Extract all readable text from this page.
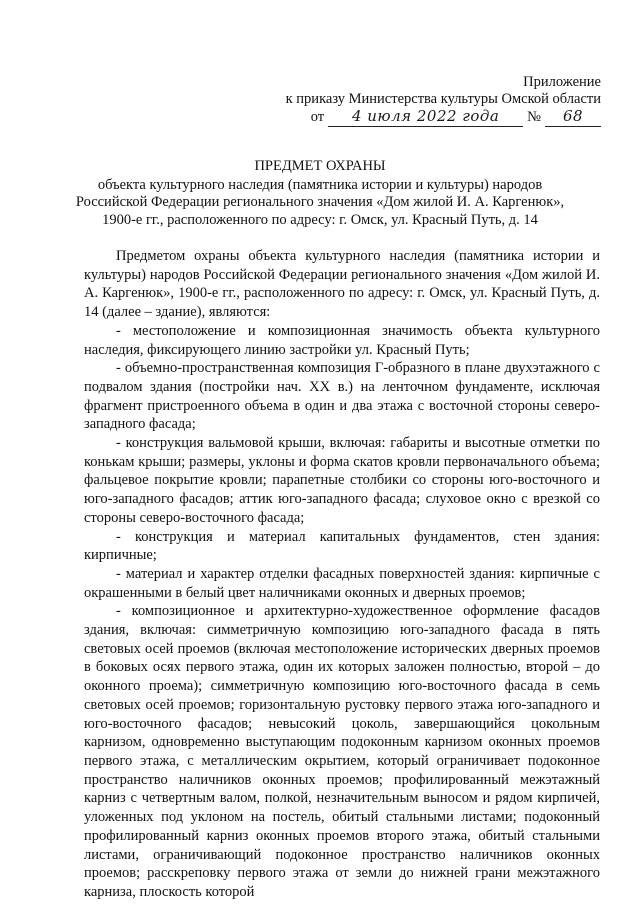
Приложение
к приказу Министерства культуры Омской области
от 4 июля 2022 года № 68
ПРЕДМЕТ ОХРАНЫ
объекта культурного наследия (памятника истории и культуры) народов
Российской Федерации регионального значения «Дом жилой И. А. Каргенюк»,
1900-е гг., расположенного по адресу: г. Омск, ул. Красный Путь, д. 14

Предметом охраны объекта культурного наследия (памятника истории и культуры) народов Российской Федерации регионального значения «Дом жилой И. А. Каргенюк», 1900-е гг., расположенного по адресу: г. Омск, ул. Красный Путь, д. 14 (далее – здание), являются:

- местоположение и композиционная значимость объекта культурного наследия, фиксирующего линию застройки ул. Красный Путь;

- объемно-пространственная композиция Г-образного в плане двухэтажного с подвалом здания (постройки нач. XX в.) на ленточном фундаменте, исключая фрагмент пристроенного объема в один и два этажа с восточной стороны северо-западного фасада;

- конструкция вальмовой крыши, включая: габариты и высотные отметки по конькам крыши; размеры, уклоны и форма скатов кровли первоначального объема; фальцевое покрытие кровли; парапетные столбики со стороны юго-восточного и юго-западного фасадов; аттик юго-западного фасада; слуховое окно с врезкой со стороны северо-восточного фасада;

- конструкция и материал капитальных фундаментов, стен здания: кирпичные;

- материал и характер отделки фасадных поверхностей здания: кирпичные с окрашенными в белый цвет наличниками оконных и дверных проемов;

- композиционное и архитектурно-художественное оформление фасадов здания, включая: симметричную композицию юго-западного фасада в пять световых осей проемов (включая местоположение исторических дверных проемов в боковых осях первого этажа, один их которых заложен полностью, второй – до оконного проема); симметричную композицию юго-восточного фасада в семь световых осей проемов; горизонтальную рустовку первого этажа юго-западного и юго-восточного фасадов; невысокий цоколь, завершающийся цокольным карнизом, одновременно выступающим подоконным карнизом оконных проемов первого этажа, с металлическим окрытием, который ограничивает подоконное пространство наличников оконных проемов; профилированный межэтажный карниз с четвертным валом, полкой, незначительным выносом и рядом кирпичей, уложенных под уклоном на постель, обитый стальными листами; подоконный профилированный карниз оконных проемов второго этажа, обитый стальными листами, ограничивающий подоконное пространство наличников оконных проемов; расскреповку первого этажа от земли до нижней грани межэтажного карниза, плоскость которой
